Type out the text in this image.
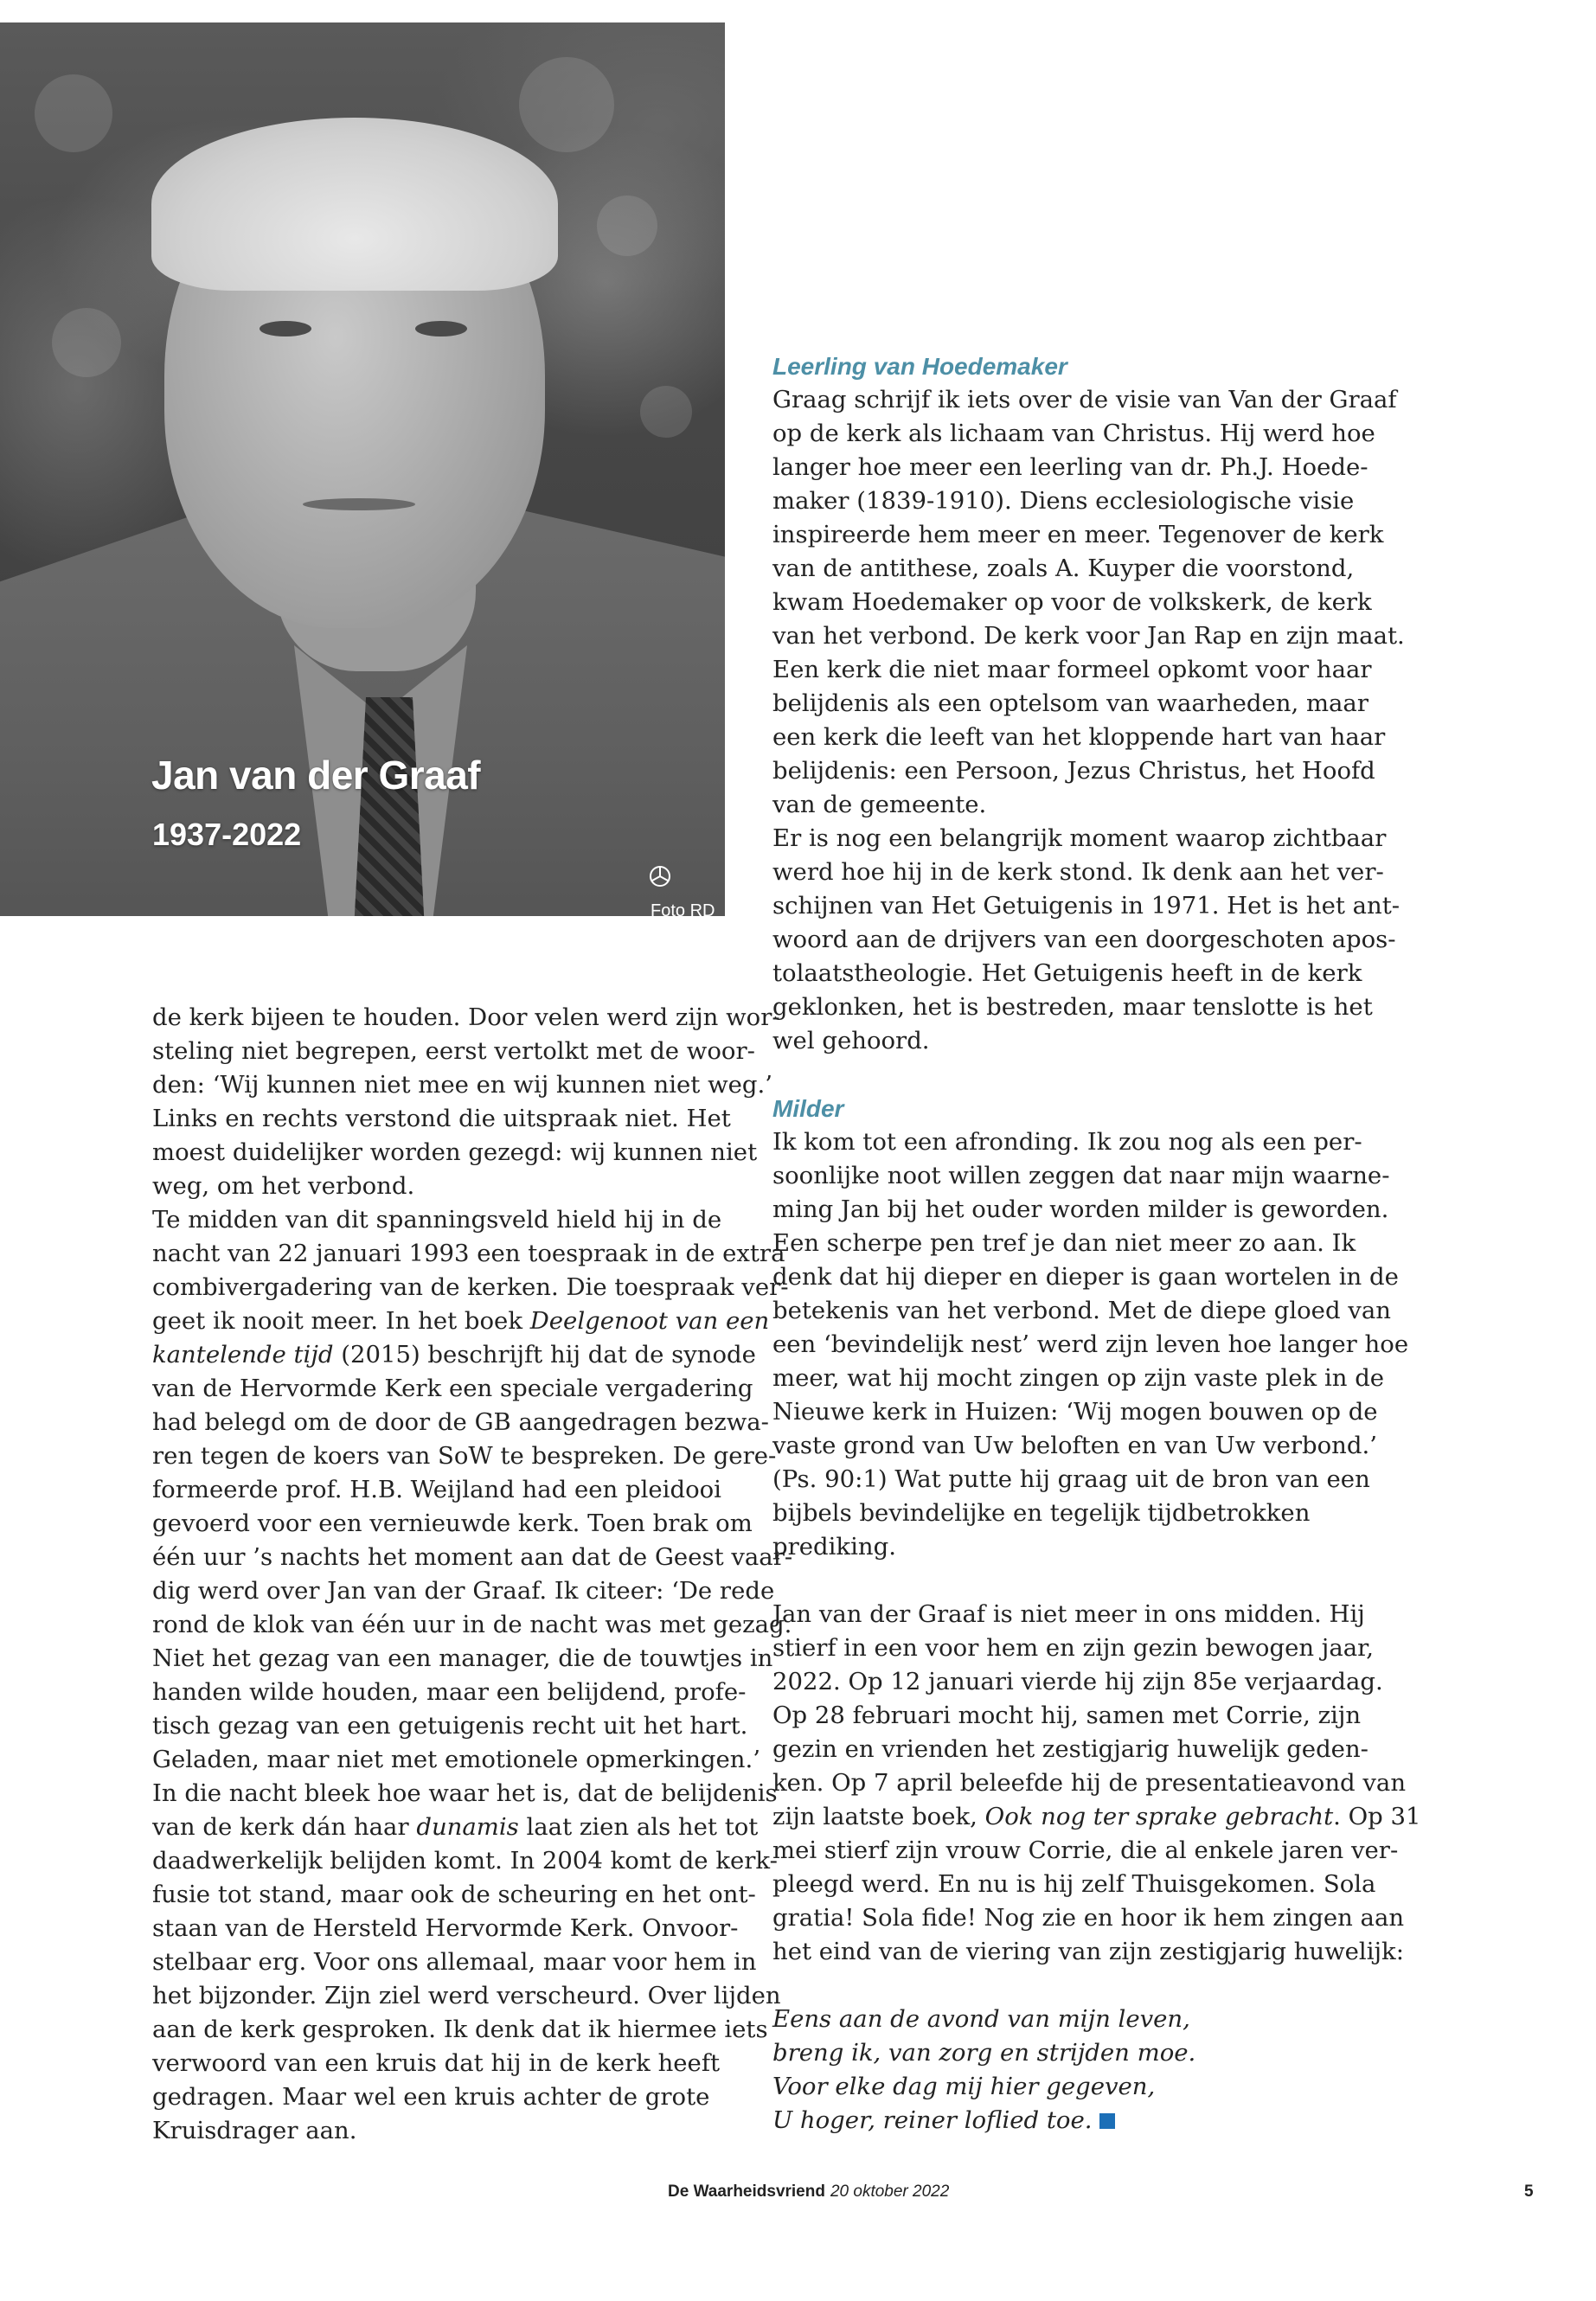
Jan van der Graaf
1937-2022
Foto RD

de kerk bijeen te houden. Door velen werd zijn wor-

steling niet begrepen, eerst vertolkt met de woor-

den: ‘Wij kunnen niet mee en wij kunnen niet weg.’

Links en rechts verstond die uitspraak niet. Het

moest duidelijker worden gezegd: wij kunnen niet

weg, om het verbond.

Te midden van dit spanningsveld hield hij in de

nacht van 22 januari 1993 een toespraak in de extra

combivergadering van de kerken. Die toespraak ver-

geet ik nooit meer. In het boek Deelgenoot van een

kantelende tijd (2015) beschrijft hij dat de synode

van de Hervormde Kerk een speciale vergadering

had belegd om de door de GB aangedragen bezwa-

ren tegen de koers van SoW te bespreken. De gere-

formeerde prof. H.B. Weijland had een pleidooi

gevoerd voor een vernieuwde kerk. Toen brak om

één uur ’s nachts het moment aan dat de Geest vaar-

dig werd over Jan van der Graaf. Ik citeer: ‘De rede

rond de klok van één uur in de nacht was met gezag.

Niet het gezag van een manager, die de touwtjes in

handen wilde houden, maar een belijdend, profe-

tisch gezag van een getuigenis recht uit het hart.

Geladen, maar niet met emotionele opmerkingen.’

In die nacht bleek hoe waar het is, dat de belijdenis

van de kerk dán haar dunamis laat zien als het tot

daadwerkelijk belijden komt. In 2004 komt de kerk-

fusie tot stand, maar ook de scheuring en het ont-

staan van de Hersteld Hervormde Kerk. Onvoor-

stelbaar erg. Voor ons allemaal, maar voor hem in

het bijzonder. Zijn ziel werd verscheurd. Over lijden

aan de kerk gesproken. Ik denk dat ik hiermee iets

verwoord van een kruis dat hij in de kerk heeft

gedragen. Maar wel een kruis achter de grote

Kruisdrager aan.

Leerling van Hoedemaker

Graag schrijf ik iets over de visie van Van der Graaf

op de kerk als lichaam van Christus. Hij werd hoe

langer hoe meer een leerling van dr. Ph.J. Hoede-

maker (1839-1910). Diens ecclesiologische visie

inspireerde hem meer en meer. Tegenover de kerk

van de antithese, zoals A. Kuyper die voorstond,

kwam Hoedemaker op voor de volkskerk, de kerk

van het verbond. De kerk voor Jan Rap en zijn maat.

Een kerk die niet maar formeel opkomt voor haar

belijdenis als een optelsom van waarheden, maar

een kerk die leeft van het kloppende hart van haar

belijdenis: een Persoon, Jezus Christus, het Hoofd

van de gemeente.

Er is nog een belangrijk moment waarop zichtbaar

werd hoe hij in de kerk stond. Ik denk aan het ver-

schijnen van Het Getuigenis in 1971. Het is het ant-

woord aan de drijvers van een doorgeschoten apos-

tolaatstheologie. Het Getuigenis heeft in de kerk

geklonken, het is bestreden, maar tenslotte is het

wel gehoord.

Milder

Ik kom tot een afronding. Ik zou nog als een per-

soonlijke noot willen zeggen dat naar mijn waarne-

ming Jan bij het ouder worden milder is geworden.

Een scherpe pen tref je dan niet meer zo aan. Ik

denk dat hij dieper en dieper is gaan wortelen in de

betekenis van het verbond. Met de diepe gloed van

een ‘bevindelijk nest’ werd zijn leven hoe langer hoe

meer, wat hij mocht zingen op zijn vaste plek in de

Nieuwe kerk in Huizen: ‘Wij mogen bouwen op de

vaste grond van Uw beloften en van Uw verbond.’

(Ps. 90:1) Wat putte hij graag uit de bron van een

bijbels bevindelijke en tegelijk tijdbetrokken

prediking.

Jan van der Graaf is niet meer in ons midden. Hij

stierf in een voor hem en zijn gezin bewogen jaar,

2022. Op 12 januari vierde hij zijn 85e verjaardag.

Op 28 februari mocht hij, samen met Corrie, zijn

gezin en vrienden het zestigjarig huwelijk geden-

ken. Op 7 april beleefde hij de presentatieavond van

zijn laatste boek, Ook nog ter sprake gebracht. Op 31

mei stierf zijn vrouw Corrie, die al enkele jaren ver-

pleegd werd. En nu is hij zelf Thuisgekomen. Sola

gratia! Sola fide! Nog zie en hoor ik hem zingen aan

het eind van de viering van zijn zestigjarig huwelijk:

Eens aan de avond van mijn leven,

breng ik, van zorg en strijden moe.

Voor elke dag mij hier gegeven,

U hoger, reiner loflied toe.

De Waarheidsvriend 20 oktober 2022	5
